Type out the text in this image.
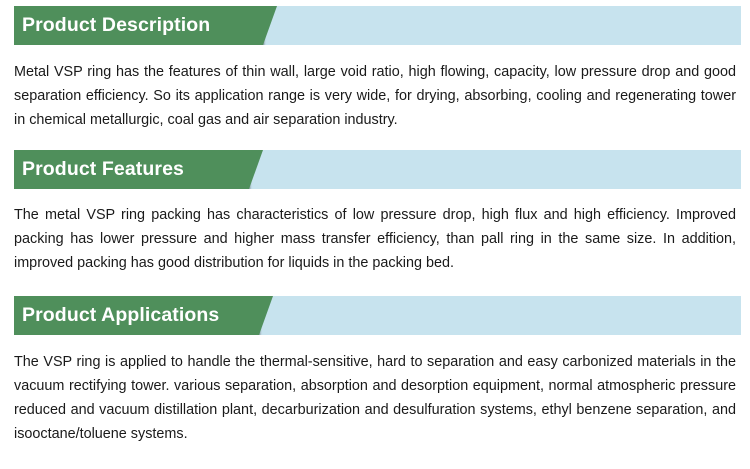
Product Description
Metal VSP ring has the features of thin wall, large void ratio, high flowing, capacity, low pressure drop and good separation efficiency. So its application range is very wide, for drying, absorbing, cooling and regenerating tower in chemical metallurgic, coal gas and air separation industry.
Product Features
The metal VSP ring packing has characteristics of low pressure drop, high flux and high efficiency. Improved packing has lower pressure and higher mass transfer efficiency, than pall ring in the same size. In addition, improved packing has good distribution for liquids in the packing bed.
Product Applications
The VSP ring is applied to handle the thermal-sensitive, hard to separation and easy carbonized materials in the vacuum rectifying tower. various separation, absorption and desorption equipment, normal atmospheric pressure reduced and vacuum distillation plant, decarburization and desulfuration systems, ethyl benzene separation, and isooctane/toluene systems.
